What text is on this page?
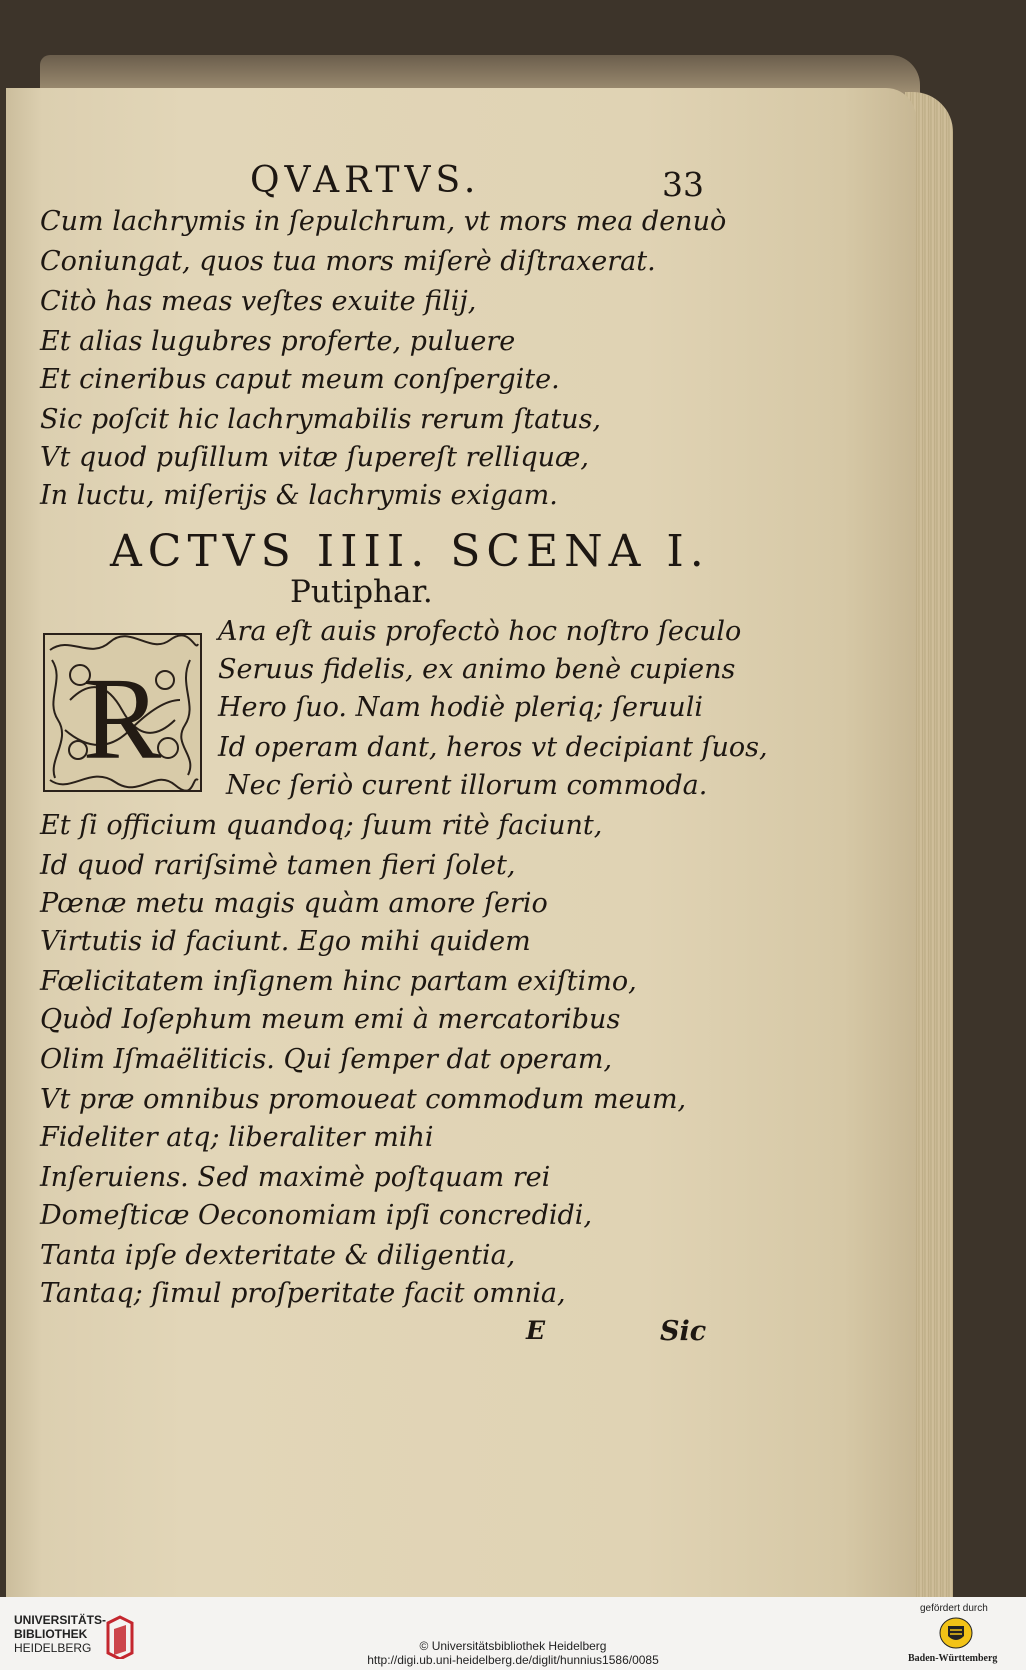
QVARTVS.	33
Cum lachrymis in ſepulchrum, vt mors mea denuò
Coniungat, quos tua mors miſerè diſtraxerat.
Citò has meas veſtes exuite filij,
Et alias lugubres proferte, puluere
Et cineribus caput meum conſpergite.
Sic poſcit hic lachrymabilis rerum ſtatus,
Vt quod puſillum vitæ ſupereſt relliquæ,
In luctu, miſerijs & lachrymis exigam.
ACTVS IIII. SCENA I.
Putiphar.
R
Ara eſt auis profectò hoc noſtro ſeculo
Seruus fidelis, ex animo benè cupiens
Hero ſuo. Nam hodiè pleriq; ſeruuli
Id operam dant, heros vt decipiant ſuos,
Nec ſeriò curent illorum commoda.
Et ſi officium quandoq; ſuum ritè faciunt,
Id quod rariſsimè tamen fieri ſolet,
Pœnæ metu magis quàm amore ſerio
Virtutis id faciunt. Ego mihi quidem
Fœlicitatem inſignem hinc partam exiſtimo,
Quòd Ioſephum meum emi à mercatoribus
Olim Iſmaëliticis. Qui ſemper dat operam,
Vt præ omnibus promoueat commodum meum,
Fideliter atq; liberaliter mihi
Inſeruiens. Sed maximè poſtquam rei
Domeſticæ Oeconomiam ipſi concredidi,
Tanta ipſe dexteritate & diligentia,
Tantaq; ſimul proſperitate facit omnia,
E	Sic
UNIVERSITÄTS-
BIBLIOTHEK
HEIDELBERG	© Universitätsbibliothek Heidelberg
http://digi.ub.uni-heidelberg.de/diglit/hunnius1586/0085
gefördert durch
Baden-Württemberg
